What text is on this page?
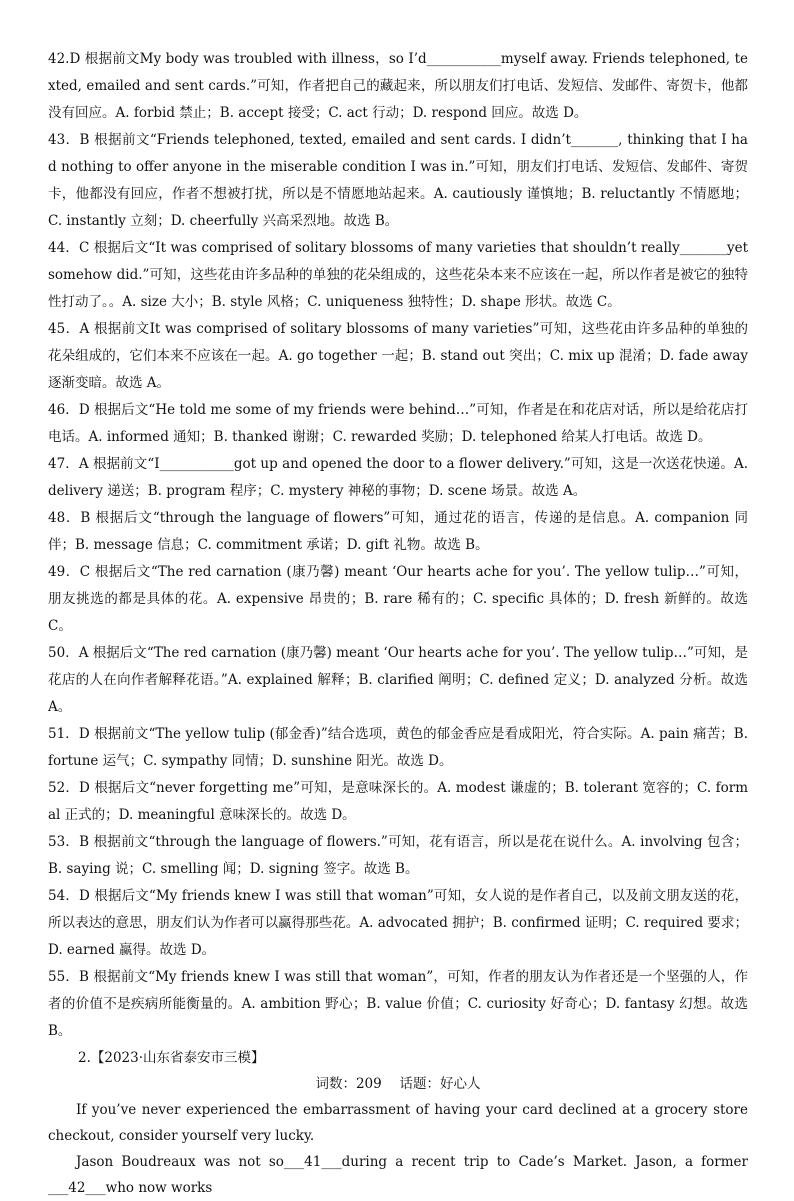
42.D 根据前文My body was troubled with illness，so I’d___________myself away. Friends telephoned, texted, emailed and sent cards.”可知，作者把自己的藏起来，所以朋友们打电话、发短信、发邮件、寄贺卡，他都没有回应。A. forbid 禁止；B. accept 接受；C. act 行动；D. respond 回应。故选 D。

43．B 根据前文“Friends telephoned, texted, emailed and sent cards. I didn’t_______, thinking that I had nothing to offer anyone in the miserable condition I was in.”可知，朋友们打电话、发短信、发邮件、寄贺卡，他都没有回应，作者不想被打扰，所以是不情愿地站起来。A. cautiously 谨慎地；B. reluctantly 不情愿地；C. instantly 立刻；D. cheerfully 兴高采烈地。故选 B。

44．C 根据后文“It was comprised of solitary blossoms of many varieties that shouldn’t really_______yet somehow did.”可知，这些花由许多品种的单独的花朵组成的，这些花朵本来不应该在一起，所以作者是被它的独特性打动了。。A. size 大小；B. style 风格；C. uniqueness 独特性；D. shape 形状。故选 C。

45．A 根据前文It was comprised of solitary blossoms of many varieties”可知，这些花由许多品种的单独的花朵组成的，它们本来不应该在一起。A. go together 一起；B. stand out 突出；C. mix up 混淆；D. fade away 逐渐变暗。故选 A。

46．D 根据后文“He told me some of my friends were behind…”可知，作者是在和花店对话，所以是给花店打电话。A. informed 通知；B. thanked 谢谢；C. rewarded 奖励；D. telephoned 给某人打电话。故选 D。

47．A 根据前文“I___________got up and opened the door to a flower delivery.”可知，这是一次送花快递。A. delivery 递送；B. program 程序；C. mystery 神秘的事物；D. scene 场景。故选 A。

48．B 根据后文“through the language of flowers”可知，通过花的语言，传递的是信息。A. companion 同伴；B. message 信息；C. commitment 承诺；D. gift 礼物。故选 B。

49．C 根据后文“The red carnation (康乃馨) meant ‘Our hearts ache for you’. The yellow tulip…”可知，朋友挑选的都是具体的花。A. expensive 昂贵的；B. rare 稀有的；C. specific 具体的；D. fresh 新鲜的。故选 C。

50．A 根据后文“The red carnation (康乃馨) meant ‘Our hearts ache for you’. The yellow tulip…”可知，是花店的人在向作者解释花语。”A. explained 解释；B. clarified 阐明；C. defined 定义；D. analyzed 分析。故选 A。

51．D 根据前文“The yellow tulip (郁金香)”结合选项，黄色的郁金香应是看成阳光，符合实际。A. pain 痛苦；B. fortune 运气；C. sympathy 同情；D. sunshine 阳光。故选 D。

52．D 根据后文“never forgetting me”可知，是意味深长的。A. modest 谦虚的；B. tolerant 宽容的；C. formal 正式的；D. meaningful 意味深长的。故选 D。

53．B 根据前文“through the language of flowers.”可知，花有语言，所以是花在说什么。A. involving 包含；B. saying 说；C. smelling 闻；D. signing 签字。故选 B。

54．D 根据后文“My friends knew I was still that woman”可知，女人说的是作者自己，以及前文朋友送的花，所以表达的意思，朋友们认为作者可以赢得那些花。A. advocated 拥护；B. confirmed 证明；C. required 要求；D. earned 赢得。故选 D。

55．B 根据前文“My friends knew I was still that woman”，可知，作者的朋友认为作者还是一个坚强的人，作者的价值不是疾病所能衡量的。A. ambition 野心；B. value 价值；C. curiosity 好奇心；D. fantasy 幻想。故选 B。

2.【2023·山东省泰安市三模】

词数：209　 话题：好心人

If you’ve never experienced the embarrassment of having your card declined at a grocery store checkout, consider yourself very lucky.

Jason Boudreaux was not so___41___during a recent trip to Cade’s Market. Jason, a former ___42___who now works
